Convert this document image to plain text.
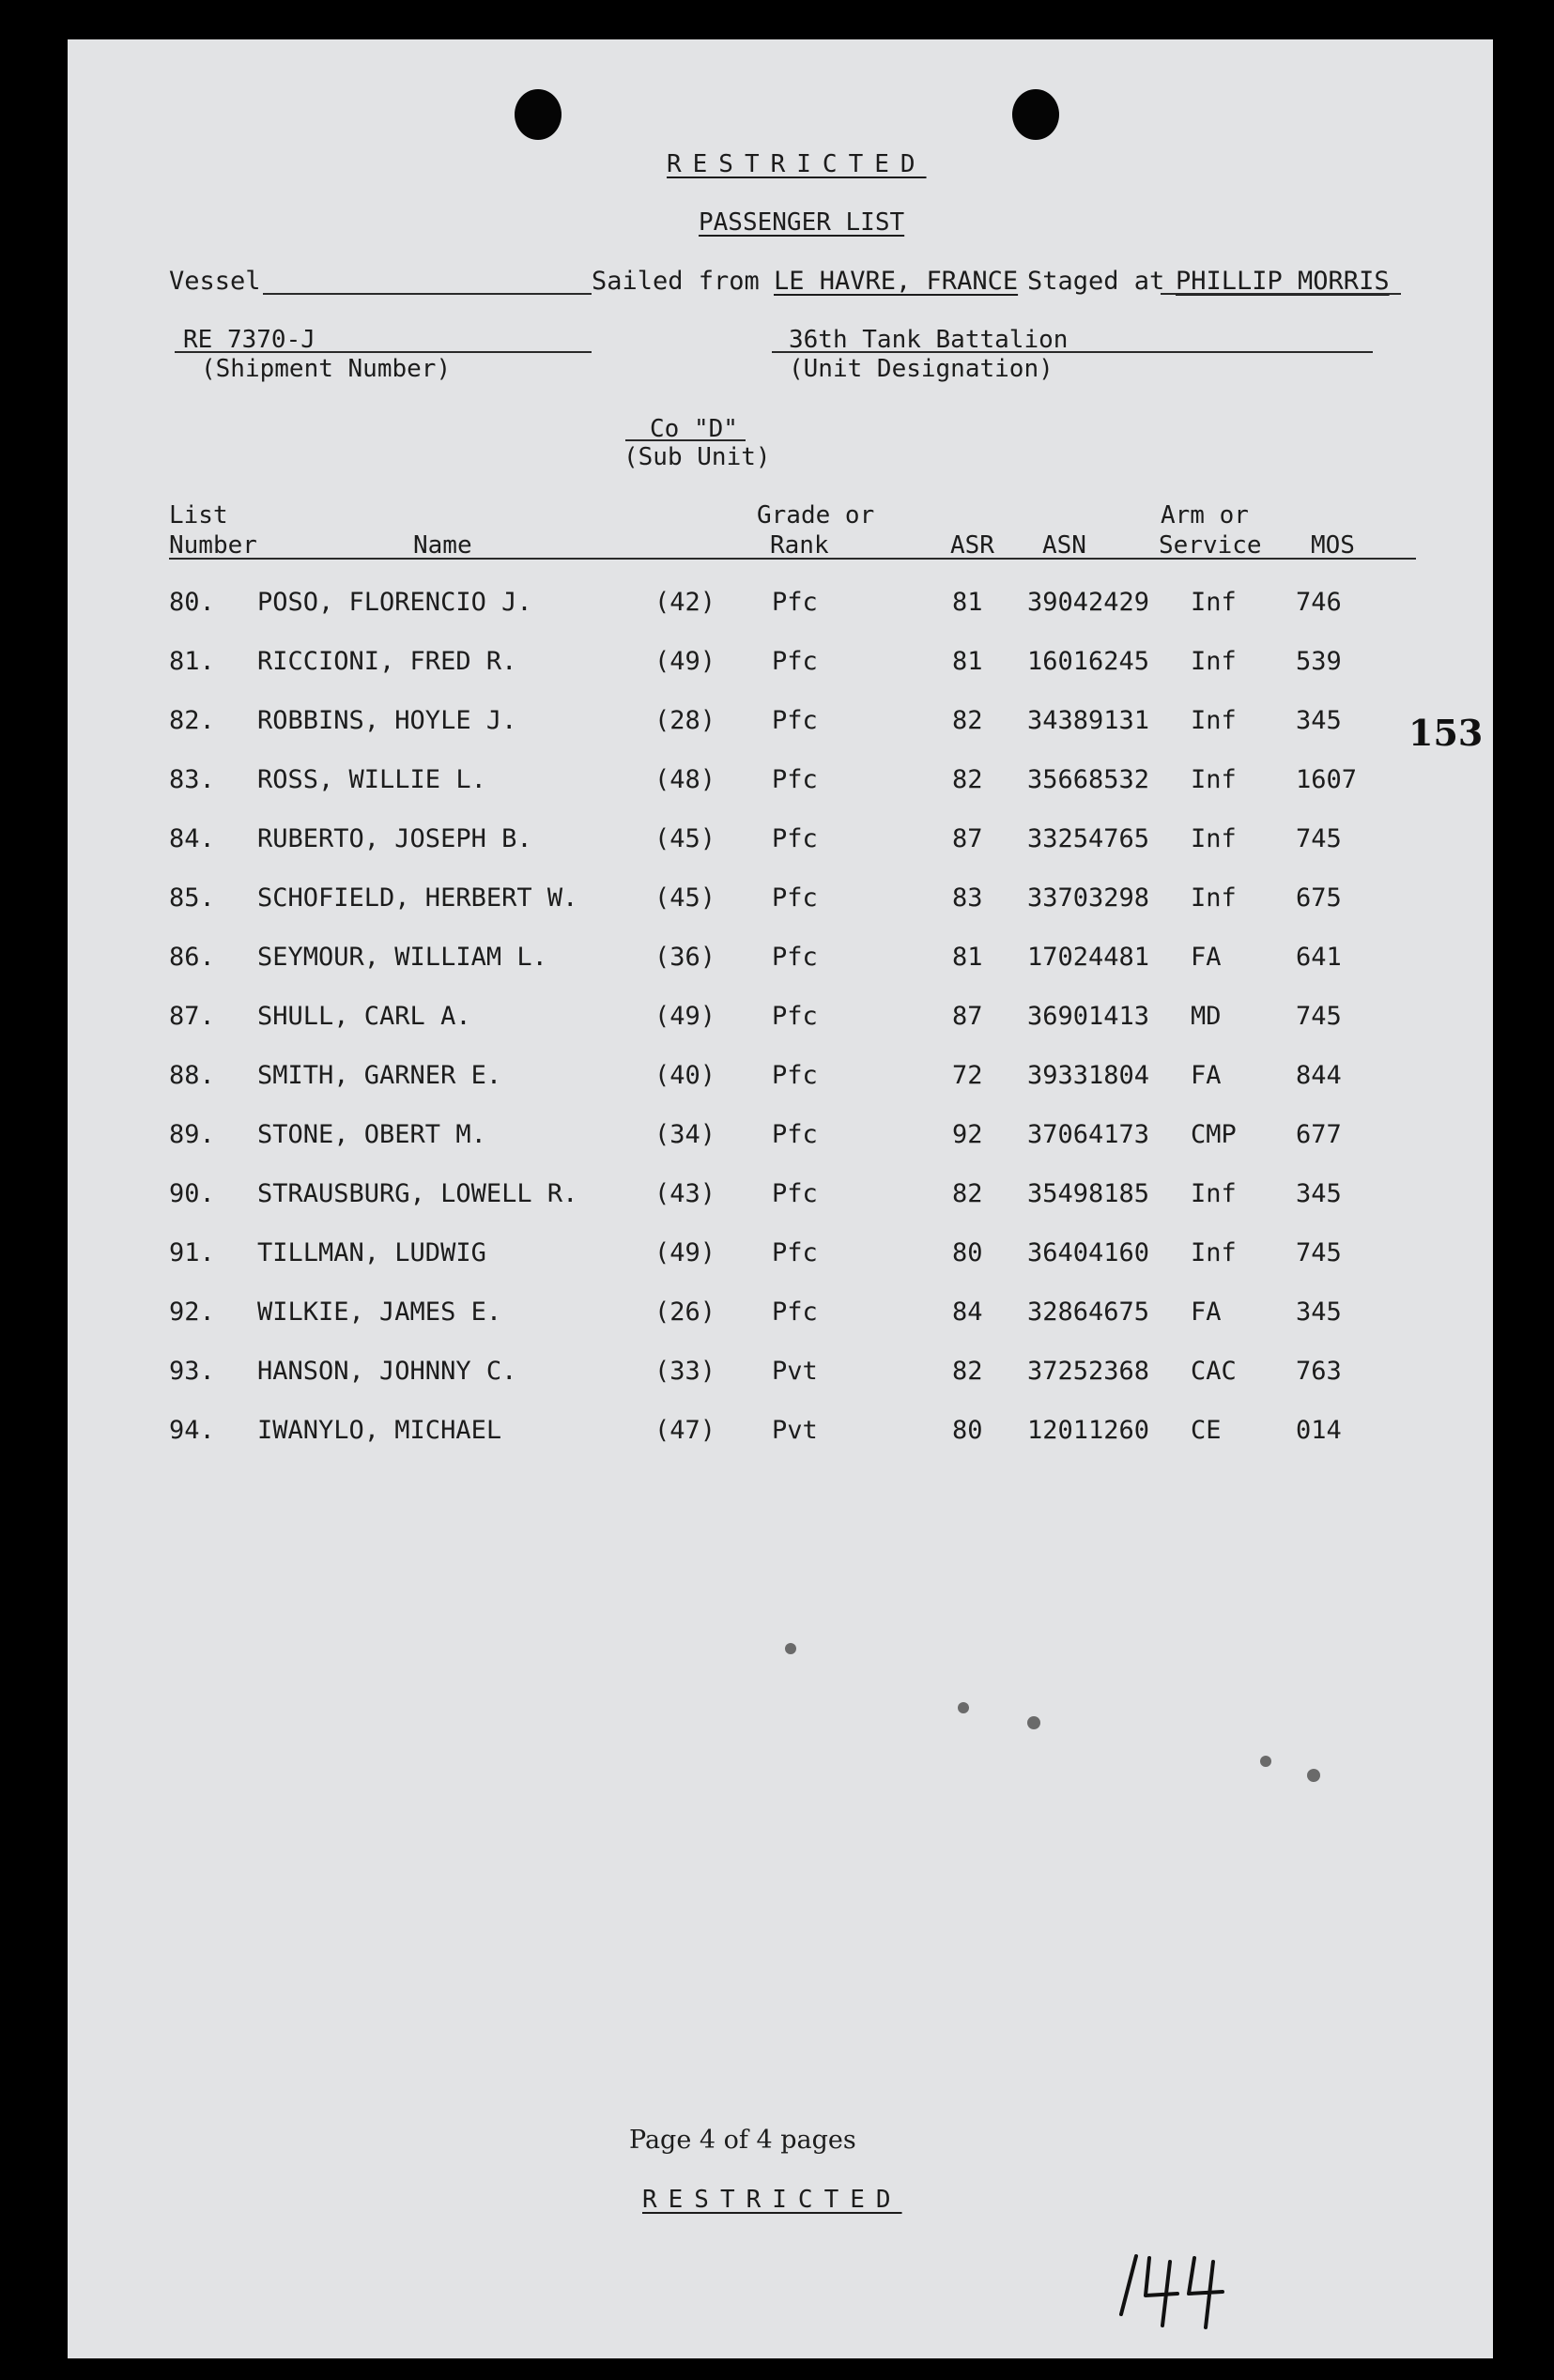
RESTRICTED
PASSENGER LIST
Vessel	Sailed from LE HAVRE, FRANCE Staged at PHILLIP MORRIS
RE 7370-J
(Shipment Number)
36th Tank Battalion
(Unit Designation)
Co "D"
(Sub Unit)
List
Number	Name
Grade or
Rank	ASR ASN
Arm or
Service MOS
80. POSO, FLORENCIO J.	(42) Pfc	81 39042429 Inf 746
81. RICCIONI, FRED R.	(49) Pfc	81 16016245 Inf 539
82. ROBBINS, HOYLE J.	(28) Pfc	82 34389131 Inf 345
83. ROSS, WILLIE L.	(48) Pfc	82 35668532 Inf 1607
84. RUBERTO, JOSEPH B.	(45) Pfc	87 33254765 Inf 745
85. SCHOFIELD, HERBERT W.	(45) Pfc	83 33703298 Inf 675
86. SEYMOUR, WILLIAM L.	(36) Pfc	81 17024481 FA	641
87. SHULL, CARL A.	(49) Pfc	87 36901413 MD	745
88. SMITH, GARNER E.	(40) Pfc	72 39331804 FA	844
89. STONE, OBERT M.	(34) Pfc	92 37064173 CMP 677
90. STRAUSBURG, LOWELL R.	(43) Pfc	82 35498185 Inf 345
91. TILLMAN, LUDWIG	(49) Pfc	80 36404160 Inf 745
92. WILKIE, JAMES E.	(26) Pfc	84 32864675 FA	345
93. HANSON, JOHNNY C.	(33) Pvt	82 37252368 CAC 763
94. IWANYLO, MICHAEL	(47) Pvt	80 12011260 CE	014
153
Page 4 of 4 pages
RESTRICTED
